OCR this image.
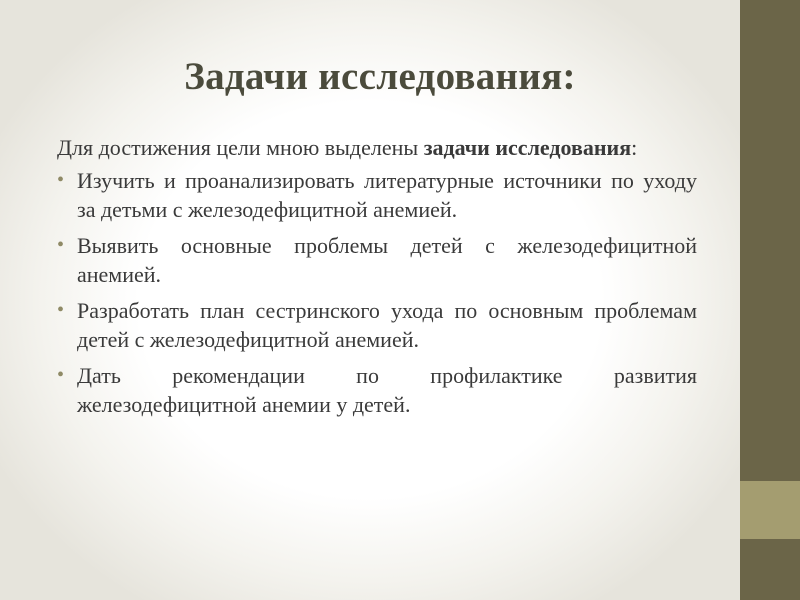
Задачи исследования:

Для достижения цели мною выделены задачи исследования:

• Изучить и проанализировать литературные источники по уходу за детьми с железодефицитной анемией.
• Выявить основные проблемы детей с железодефицитной анемией.
• Разработать план сестринского ухода по основным проблемам детей с железодефицитной анемией.
• Дать рекомендации по профилактике развития железодефицитной анемии у детей.
